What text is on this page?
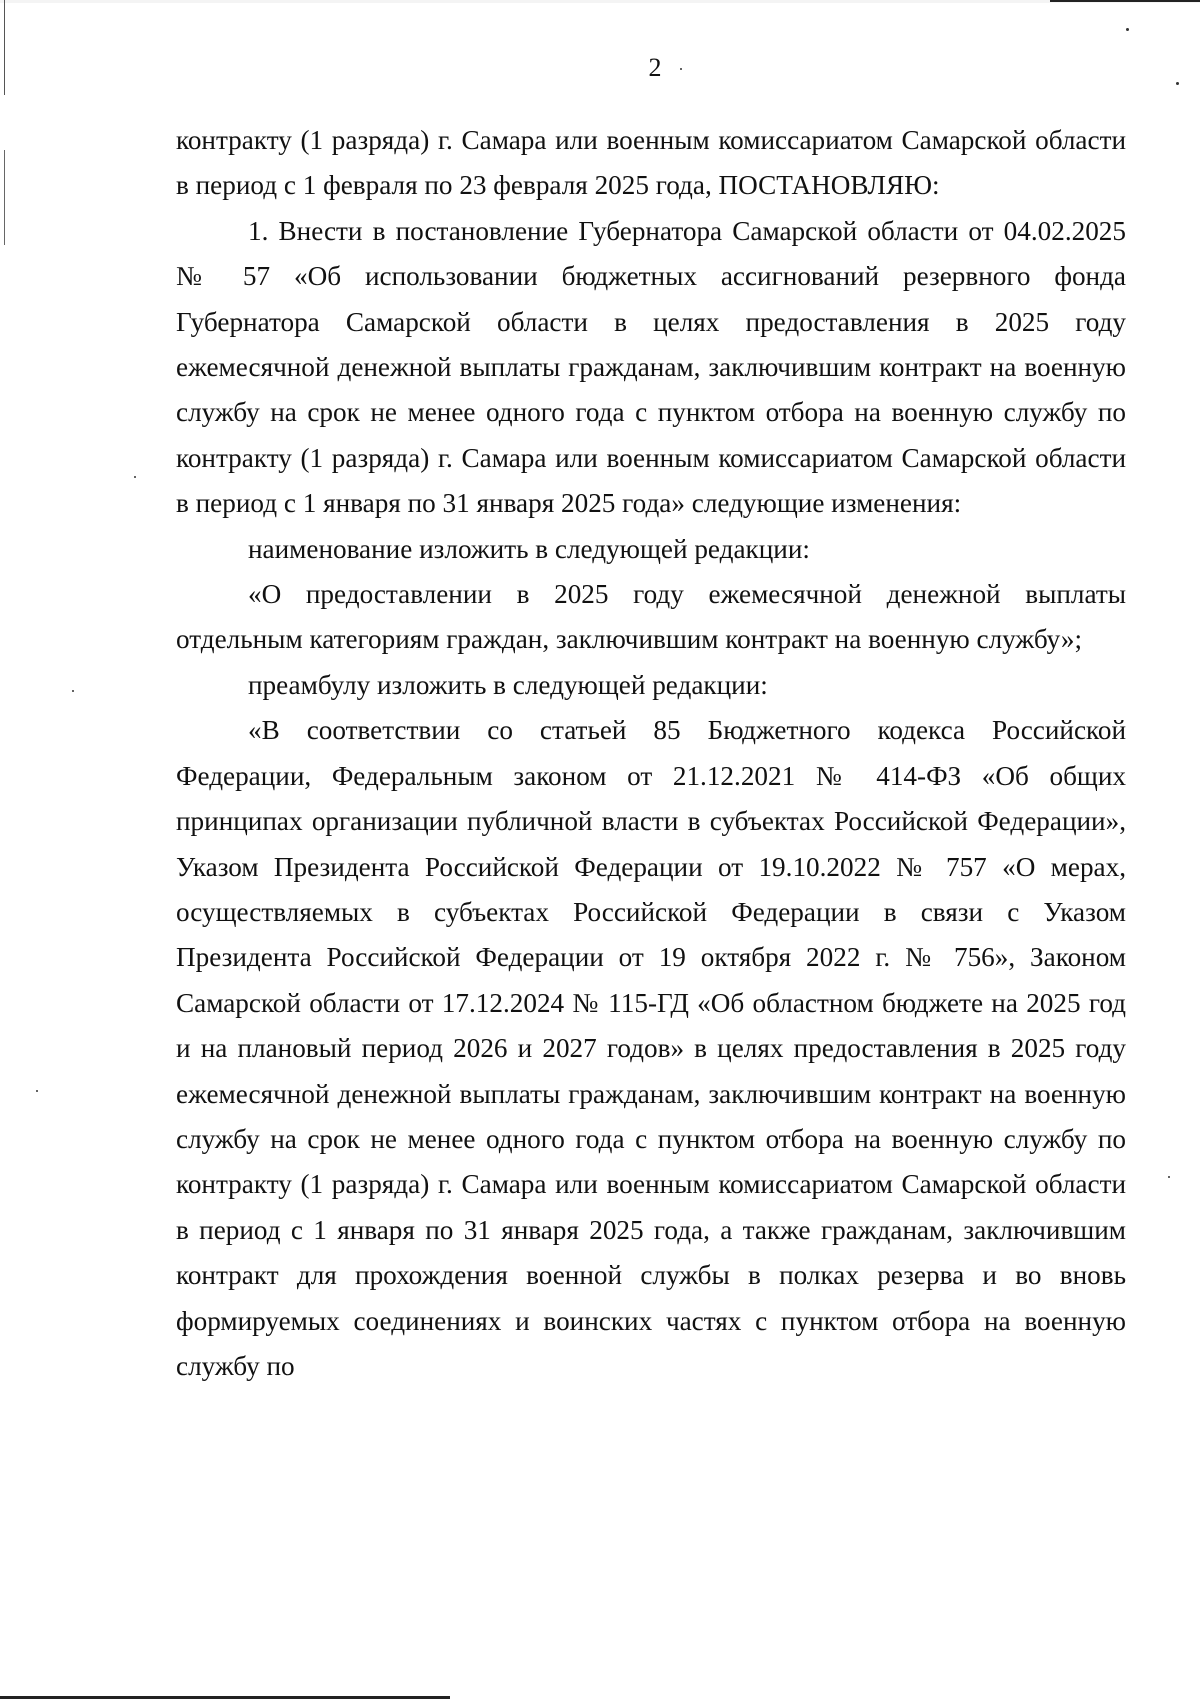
2

контракту (1 разряда) г. Самара или военным комиссариатом Самарской области в период с 1 февраля по 23 февраля 2025 года, ПОСТАНОВЛЯЮ:

1. Внести в постановление Губернатора Самарской области от 04.02.2025 № 57 «Об использовании бюджетных ассигнований резервного фонда Губернатора Самарской области в целях предоставления в 2025 году ежемесячной денежной выплаты гражданам, заключившим контракт на военную службу на срок не менее одного года с пунктом отбора на военную службу по контракту (1 разряда) г. Самара или военным комиссариатом Самарской области в период с 1 января по 31 января 2025 года» следующие изменения:

наименование изложить в следующей редакции:

«О предоставлении в 2025 году ежемесячной денежной выплаты отдельным категориям граждан, заключившим контракт на военную службу»;

преамбулу изложить в следующей редакции:

«В соответствии со статьей 85 Бюджетного кодекса Российской Федерации, Федеральным законом от 21.12.2021 № 414-ФЗ «Об общих принципах организации публичной власти в субъектах Российской Федерации», Указом Президента Российской Федерации от 19.10.2022 № 757 «О мерах, осуществляемых в субъектах Российской Федерации в связи с Указом Президента Российской Федерации от 19 октября 2022 г. № 756», Законом Самарской области от 17.12.2024 № 115-ГД «Об областном бюджете на 2025 год и на плановый период 2026 и 2027 годов» в целях предоставления в 2025 году ежемесячной денежной выплаты гражданам, заключившим контракт на военную службу на срок не менее одного года с пунктом отбора на военную службу по контракту (1 разряда) г. Самара или военным комиссариатом Самарской области в период с 1 января по 31 января 2025 года, а также гражданам, заключившим контракт для прохождения военной службы в полках резерва и во вновь формируемых соединениях и воинских частях с пунктом отбора на военную службу по
